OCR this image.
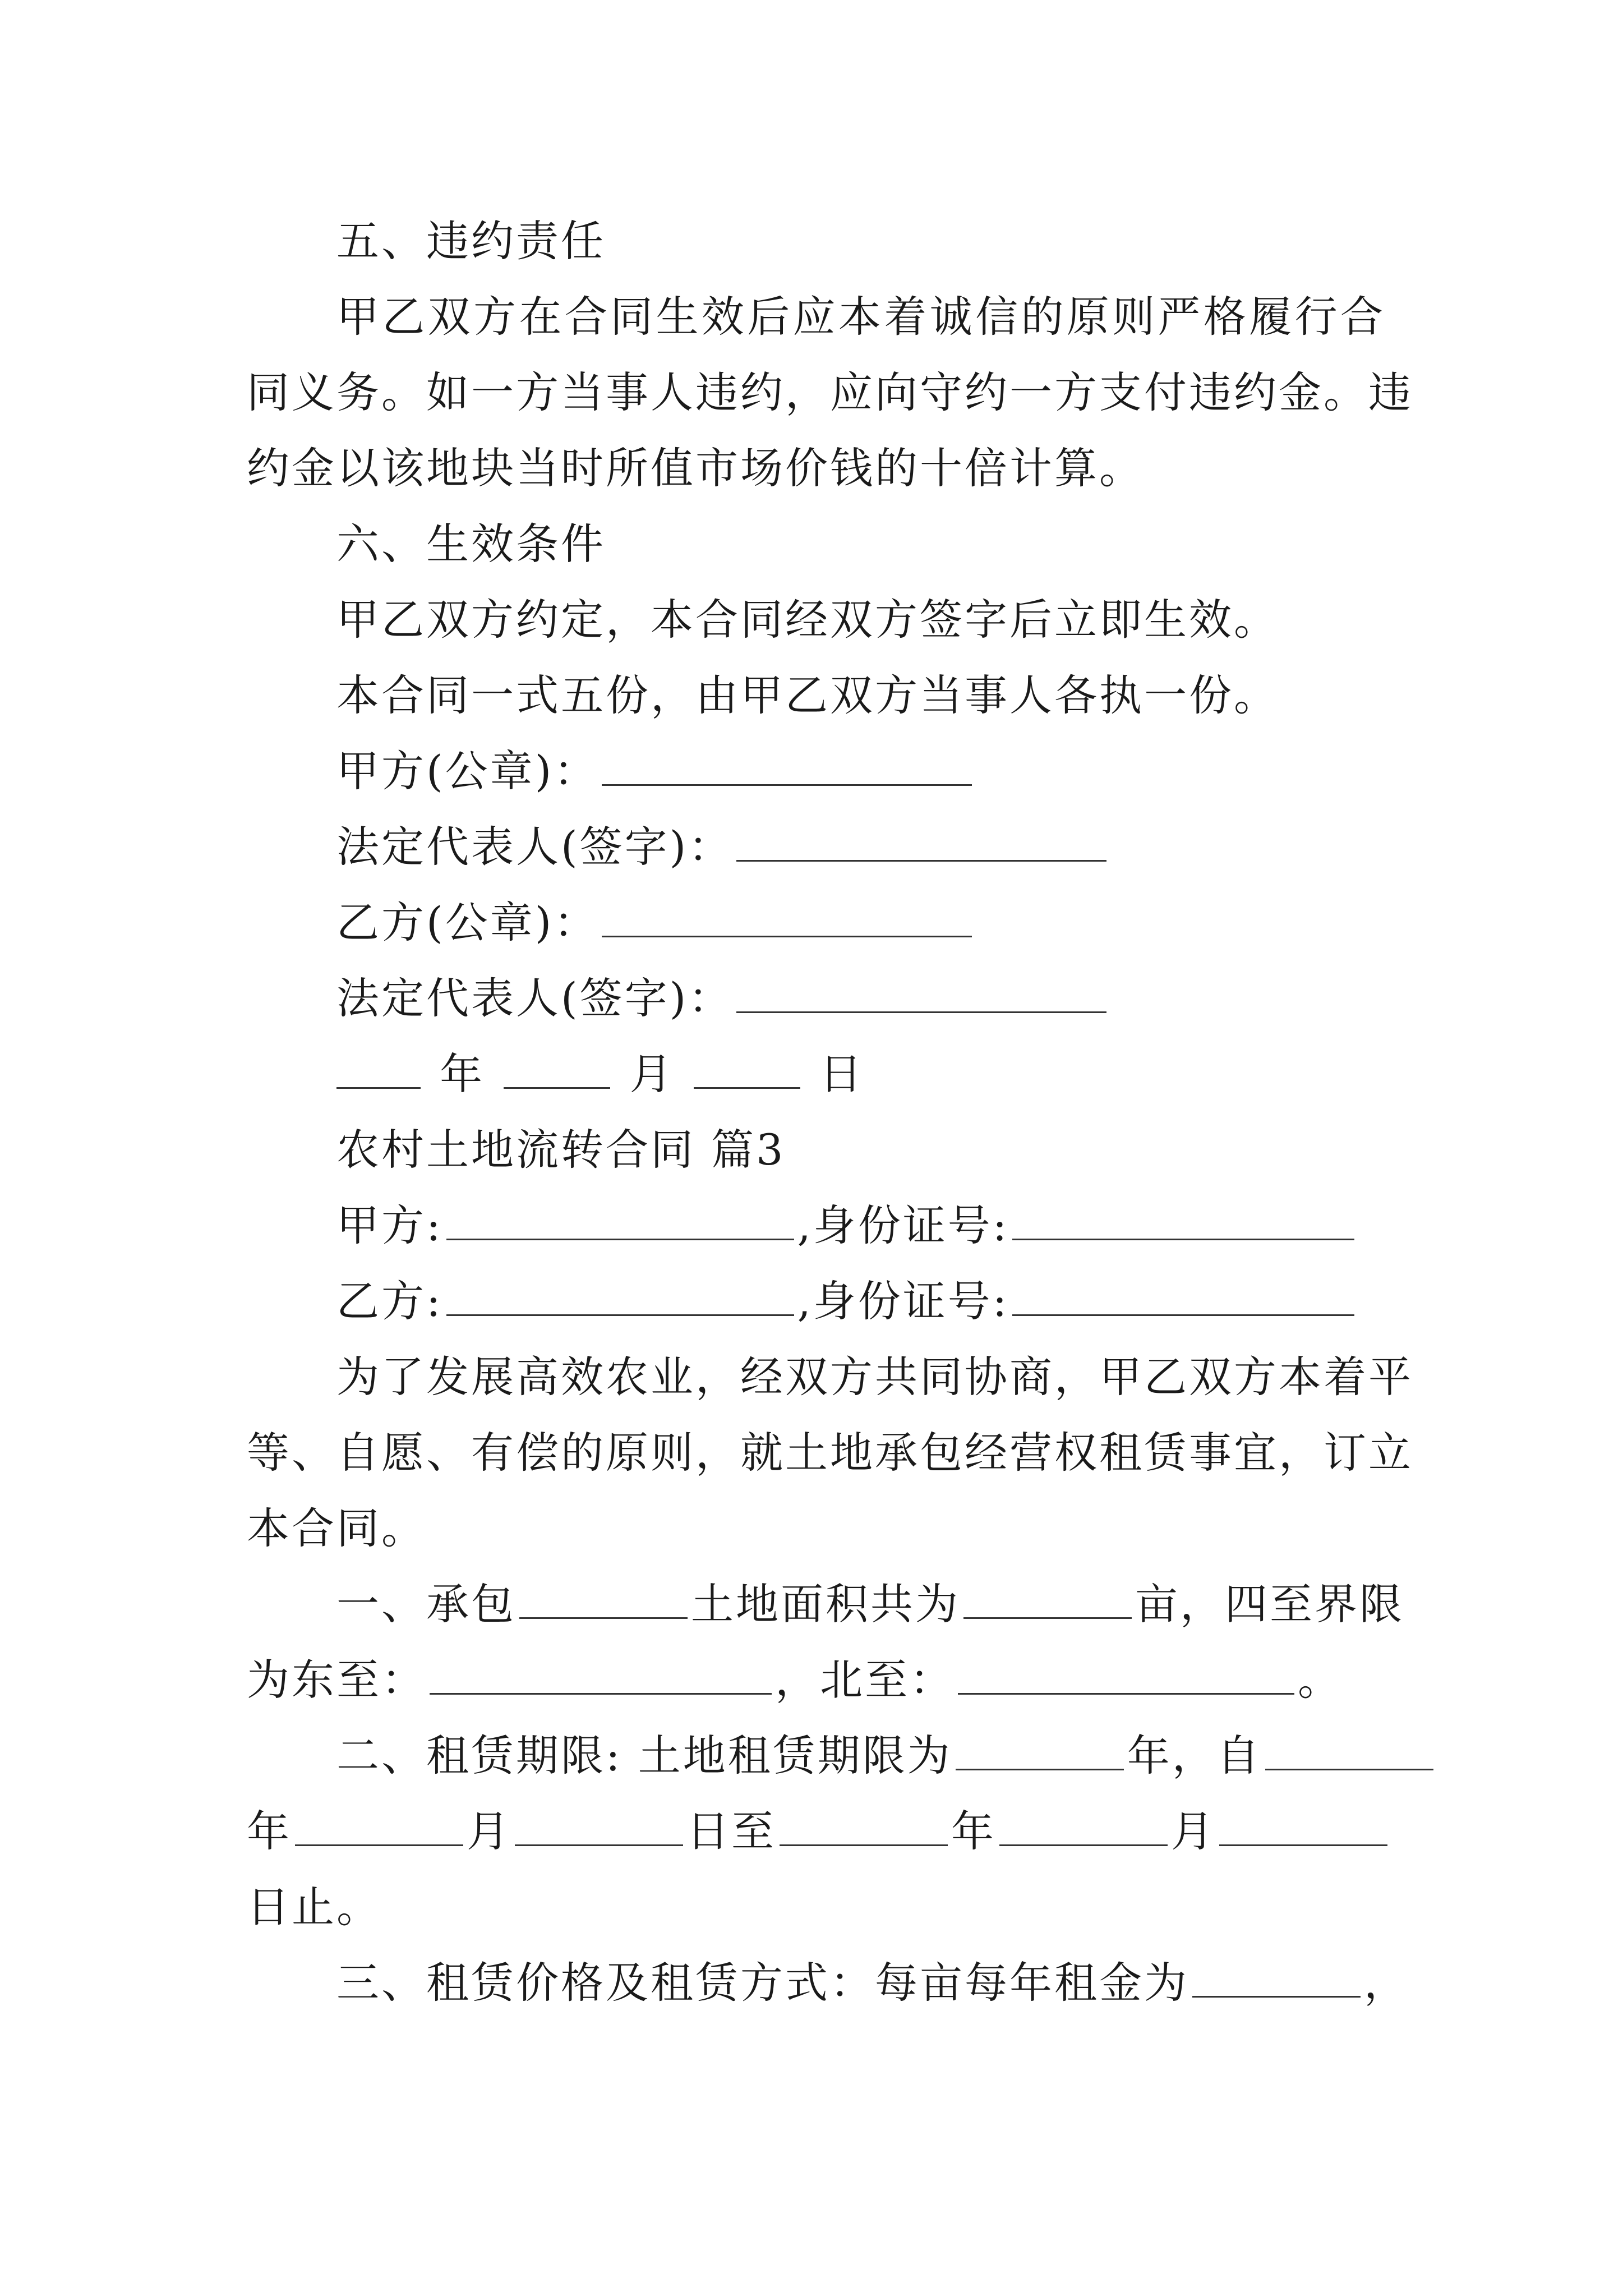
五、违约责任
甲乙双方在合同生效后应本着诚信的原则严格履行合
同义务。如一方当事人违约，应向守约一方支付违约金。违
约金以该地块当时所值市场价钱的十倍计算。
六、生效条件
甲乙双方约定，本合同经双方签字后立即生效。
本合同一式五份，由甲乙双方当事人各执一份。
甲方(公章)：
法定代表人(签字)：
乙方(公章)：
法定代表人(签字)：
年	月	日
农村土地流转合同 篇3
甲方:	,身份证号:
乙方:	,身份证号:
为了发展高效农业，经双方共同协商，甲乙双方本着平
等、自愿、有偿的原则，就土地承包经营权租赁事宜，订立
本合同。
一、承包	土地面积共为	亩，四至界限
为东至：	，北至：	。
二、租赁期限: 土地租赁期限为	年，自
年	月	日至	年	月
日止。
三、租赁价格及租赁方式：每亩每年租金为	，
